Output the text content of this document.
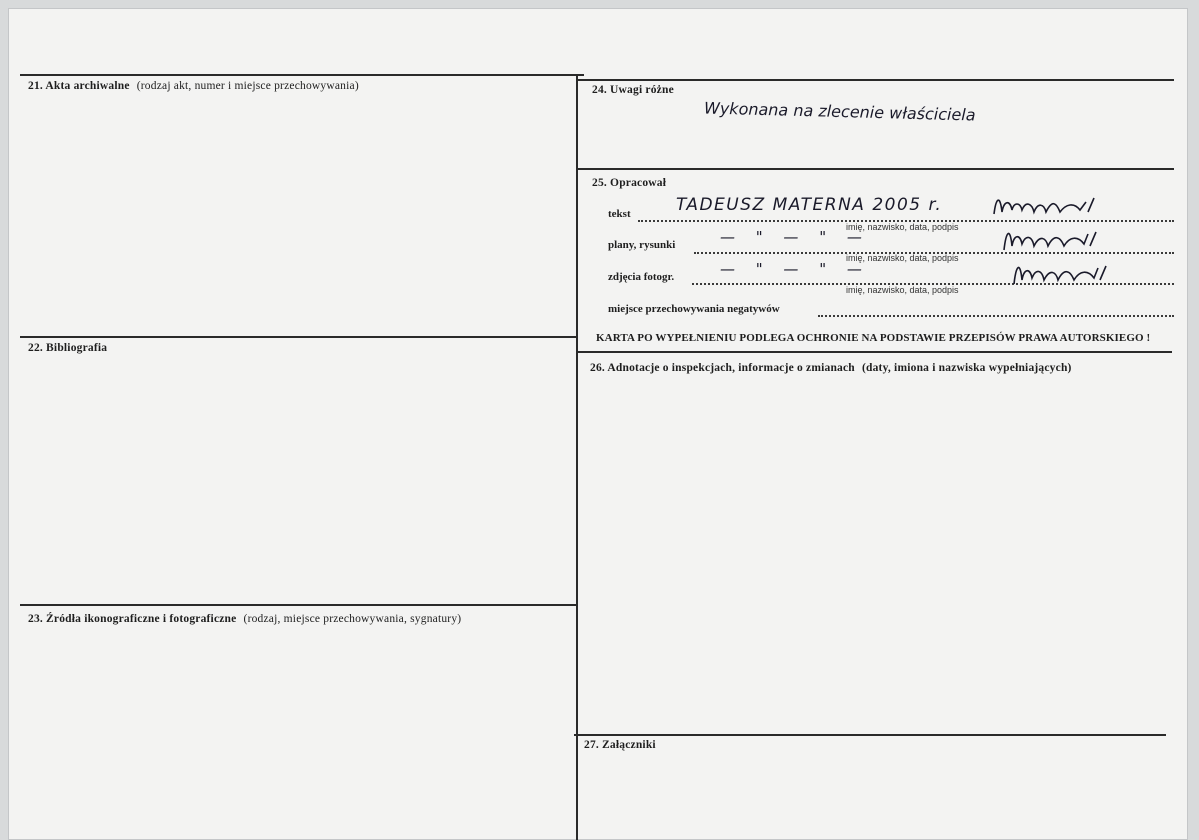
21. Akta archiwalne (rodzaj akt, numer i miejsce przechowywania)
22. Bibliografia
23. Źródła ikonograficzne i fotograficzne (rodzaj, miejsce przechowywania, sygnatury)
24. Uwagi różne
Wykonana na zlecenie właściciela
25. Opracował
tekst
imię, nazwisko, data, podpis
TADEUSZ MATERNA 2005 r.
plany, rysunki
imię, nazwisko, data, podpis
— " — " —
zdjęcia fotogr.
imię, nazwisko, data, podpis
— " — " —
miejsce przechowywania negatywów
KARTA PO WYPEŁNIENIU PODLEGA OCHRONIE NA PODSTAWIE PRZEPISÓW PRAWA AUTORSKIEGO !
26. Adnotacje o inspekcjach, informacje o zmianach (daty, imiona i nazwiska wypełniających)
27. Załączniki
